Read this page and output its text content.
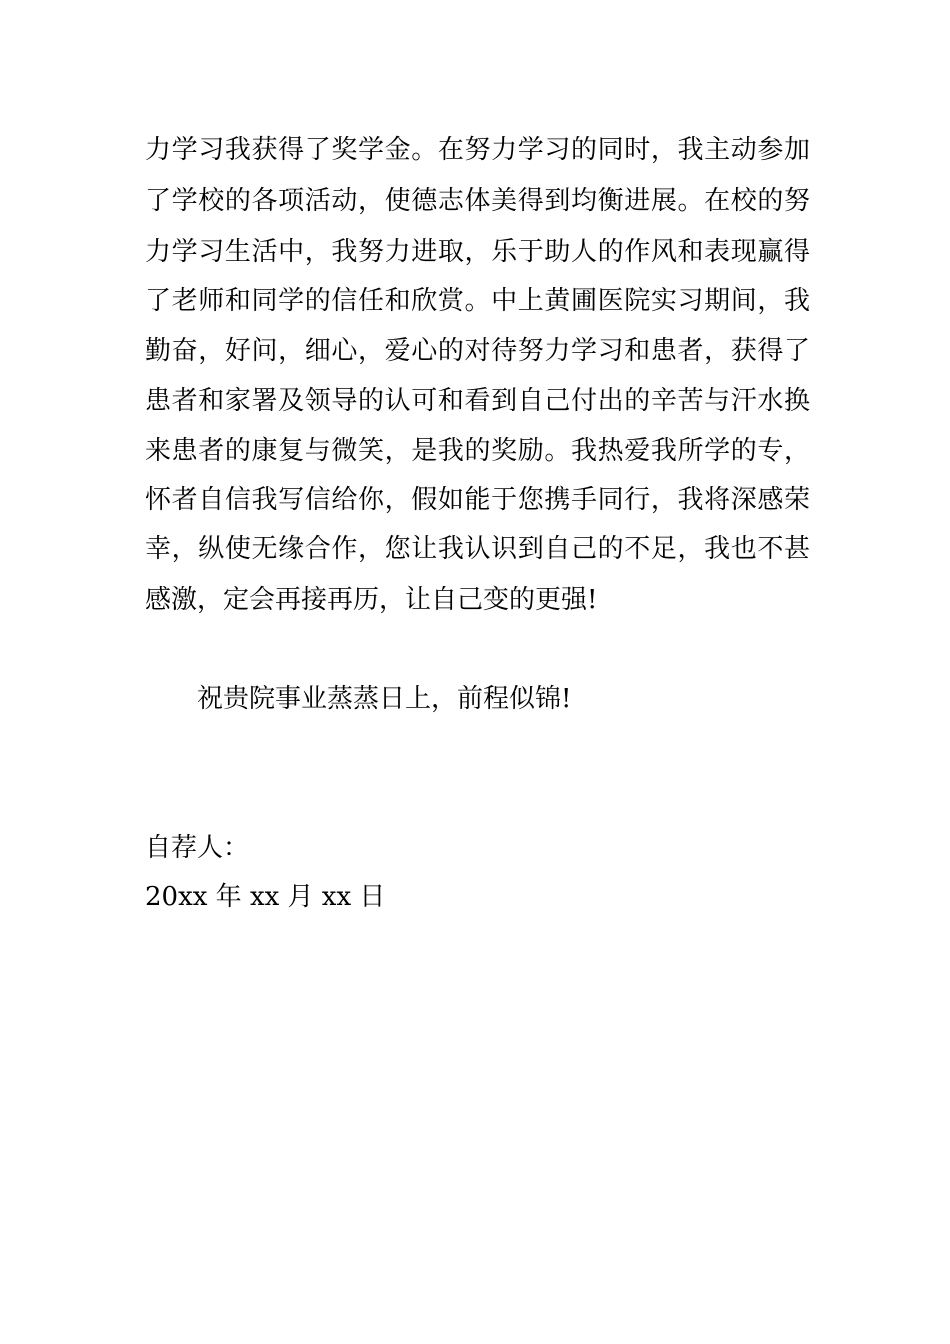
力学习我获得了奖学金。在努力学习的同时，我主动参加
了学校的各项活动，使德志体美得到均衡进展。在校的努
力学习生活中，我努力进取，乐于助人的作风和表现赢得
了老师和同学的信任和欣赏。中上黄圃医院实习期间，我
勤奋，好问，细心，爱心的对待努力学习和患者，获得了
患者和家署及领导的认可和看到自己付出的辛苦与汗水换
来患者的康复与微笑，是我的奖励。我热爱我所学的专，
怀者自信我写信给你，假如能于您携手同行，我将深感荣
幸，纵使无缘合作，您让我认识到自己的不足，我也不甚
感激，定会再接再历，让自己变的更强!
祝贵院事业蒸蒸日上，前程似锦!
自荐人：
20xx 年 xx 月 xx 日
